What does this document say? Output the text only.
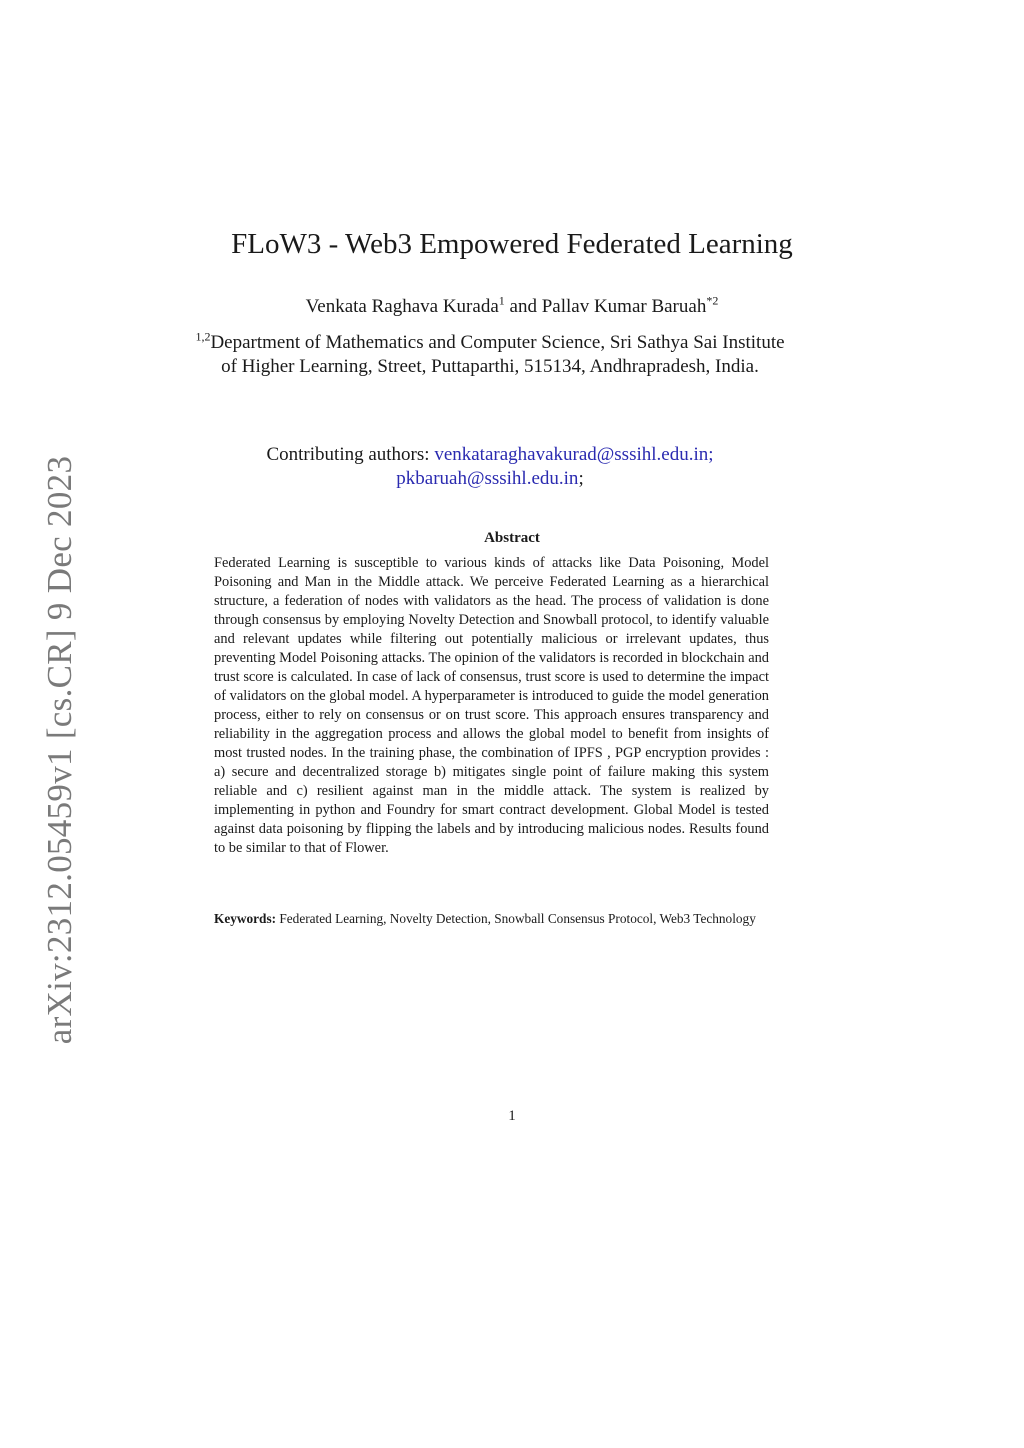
arXiv:2312.05459v1 [cs.CR] 9 Dec 2023
FLoW3 - Web3 Empowered Federated Learning
Venkata Raghava Kurada$^1$ and Pallav Kumar Baruah$^{*2}$
$^{1,2}$Department of Mathematics and Computer Science, Sri Sathya Sai Institute of Higher Learning, Street, Puttaparthi, 515134, Andhrapradesh, India.
Contributing authors: venkataraghavakurad@sssihl.edu.in;
pkbaruah@sssihl.edu.in;
Abstract

Federated Learning is susceptible to various kinds of attacks like Data Poisoning, Model Poisoning and Man in the Middle attack. We perceive Federated Learning as a hierarchical structure, a federation of nodes with validators as the head. The process of validation is done through consensus by employing Novelty Detection and Snowball protocol, to identify valuable and relevant updates while filtering out potentially malicious or irrelevant updates, thus preventing Model Poisoning attacks. The opinion of the validators is recorded in blockchain and trust score is calculated. In case of lack of consensus, trust score is used to determine the impact of validators on the global model. A hyperparameter is introduced to guide the model generation process, either to rely on consensus or on trust score. This approach ensures transparency and reliability in the aggregation process and allows the global model to benefit from insights of most trusted nodes. In the training phase, the combination of IPFS , PGP encryption provides : a) secure and decentralized storage b) mitigates single point of failure making this system reliable and c) resilient against man in the middle attack. The system is realized by implementing in python and Foundry for smart contract development. Global Model is tested against data poisoning by flipping the labels and by introducing malicious nodes. Results found to be similar to that of Flower.

Keywords: Federated Learning, Novelty Detection, Snowball Consensus Protocol, Web3 Technology

1
